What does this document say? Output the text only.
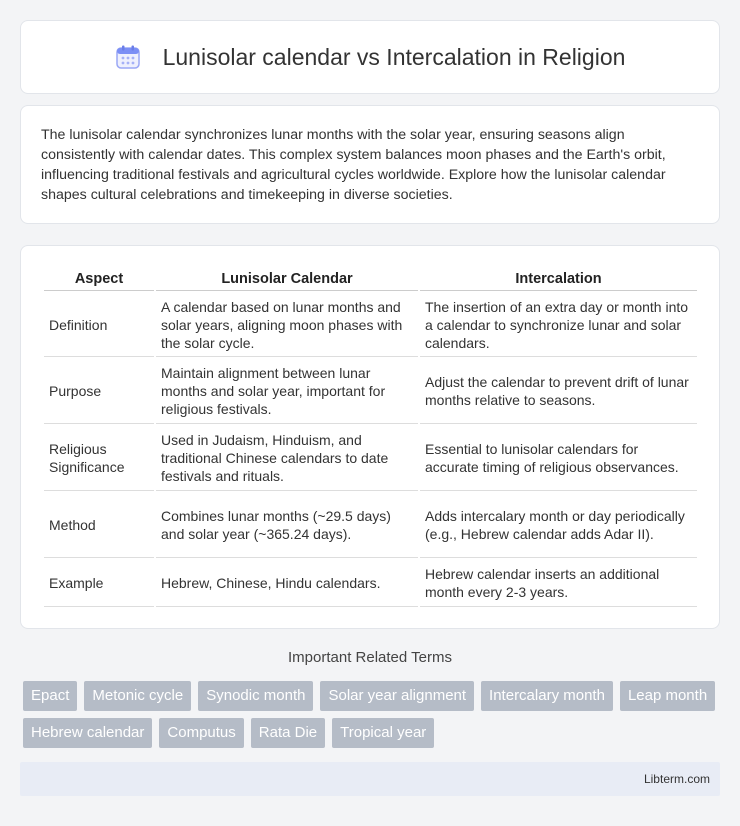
Lunisolar calendar vs Intercalation in Religion

The lunisolar calendar synchronizes lunar months with the solar year, ensuring seasons align consistently with calendar dates. This complex system balances moon phases and the Earth's orbit, influencing traditional festivals and agricultural cycles worldwide. Explore how the lunisolar calendar shapes cultural celebrations and timekeeping in diverse societies.

Aspect	Lunisolar Calendar	Intercalation
Definition	A calendar based on lunar months and solar years, aligning moon phases with the solar cycle.	The insertion of an extra day or month into a calendar to synchronize lunar and solar calendars.
Purpose	Maintain alignment between lunar months and solar year, important for religious festivals.	Adjust the calendar to prevent drift of lunar months relative to seasons.
Religious Significance	Used in Judaism, Hinduism, and traditional Chinese calendars to date festivals and rituals.	Essential to lunisolar calendars for accurate timing of religious observances.
Method	Combines lunar months (~29.5 days) and solar year (~365.24 days).	Adds intercalary month or day periodically (e.g., Hebrew calendar adds Adar II).
Example	Hebrew, Chinese, Hindu calendars.	Hebrew calendar inserts an additional month every 2-3 years.
Important Related Terms
Epact	Metonic cycle	Synodic month	Solar year alignment	Intercalary month	Leap month
Hebrew calendar	Computus	Rata Die	Tropical year
Libterm.com
